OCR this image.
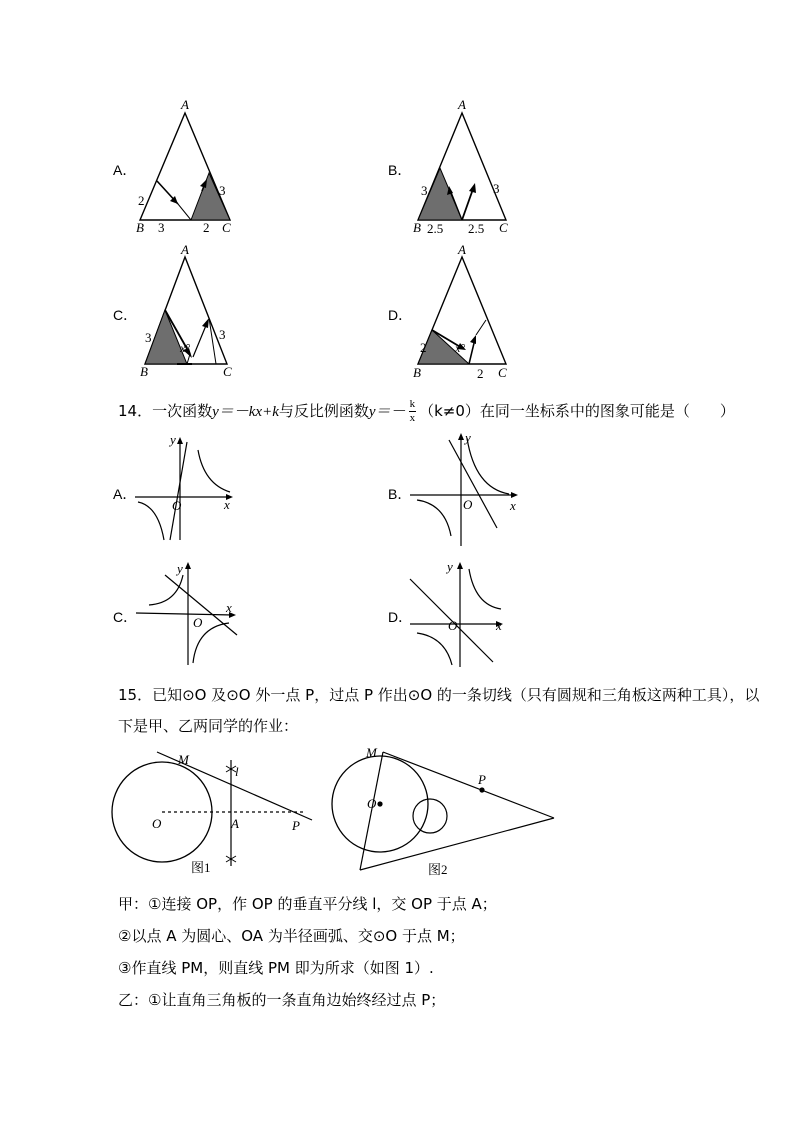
A．
A
B	C
2
3
3	2
B．
A
B	C
3	3
2.5 2.5
C．
A
B	C
3	3
x°
D．
A
B	C
2
2
x°
14．一次函数y＝－kx+k与反比例函数$y=- \frac{k}{x} (k\ne 0)$在同一坐标系中的图象可能是（　　）
A．
y
x
O
B．
y
x
O
C．
y
x
O	D．
y
x
O
15．已知⊙O 及⊙O 外一点 P，过点 P 作出⊙O 的一条切线（只有圆规和三角板这两种工具），以
下是甲、乙两同学的作业：
M
l
O	A	P
图1
O
M
P
图2
甲：①连接 OP，作 OP 的垂直平分线 l，交 OP 于点 A；
②以点 A 为圆心、OA 为半径画弧、交⊙O 于点 M；
③作直线 PM，则直线 PM 即为所求（如图 1）.
乙：①让直角三角板的一条直角边始终经过点 P；
